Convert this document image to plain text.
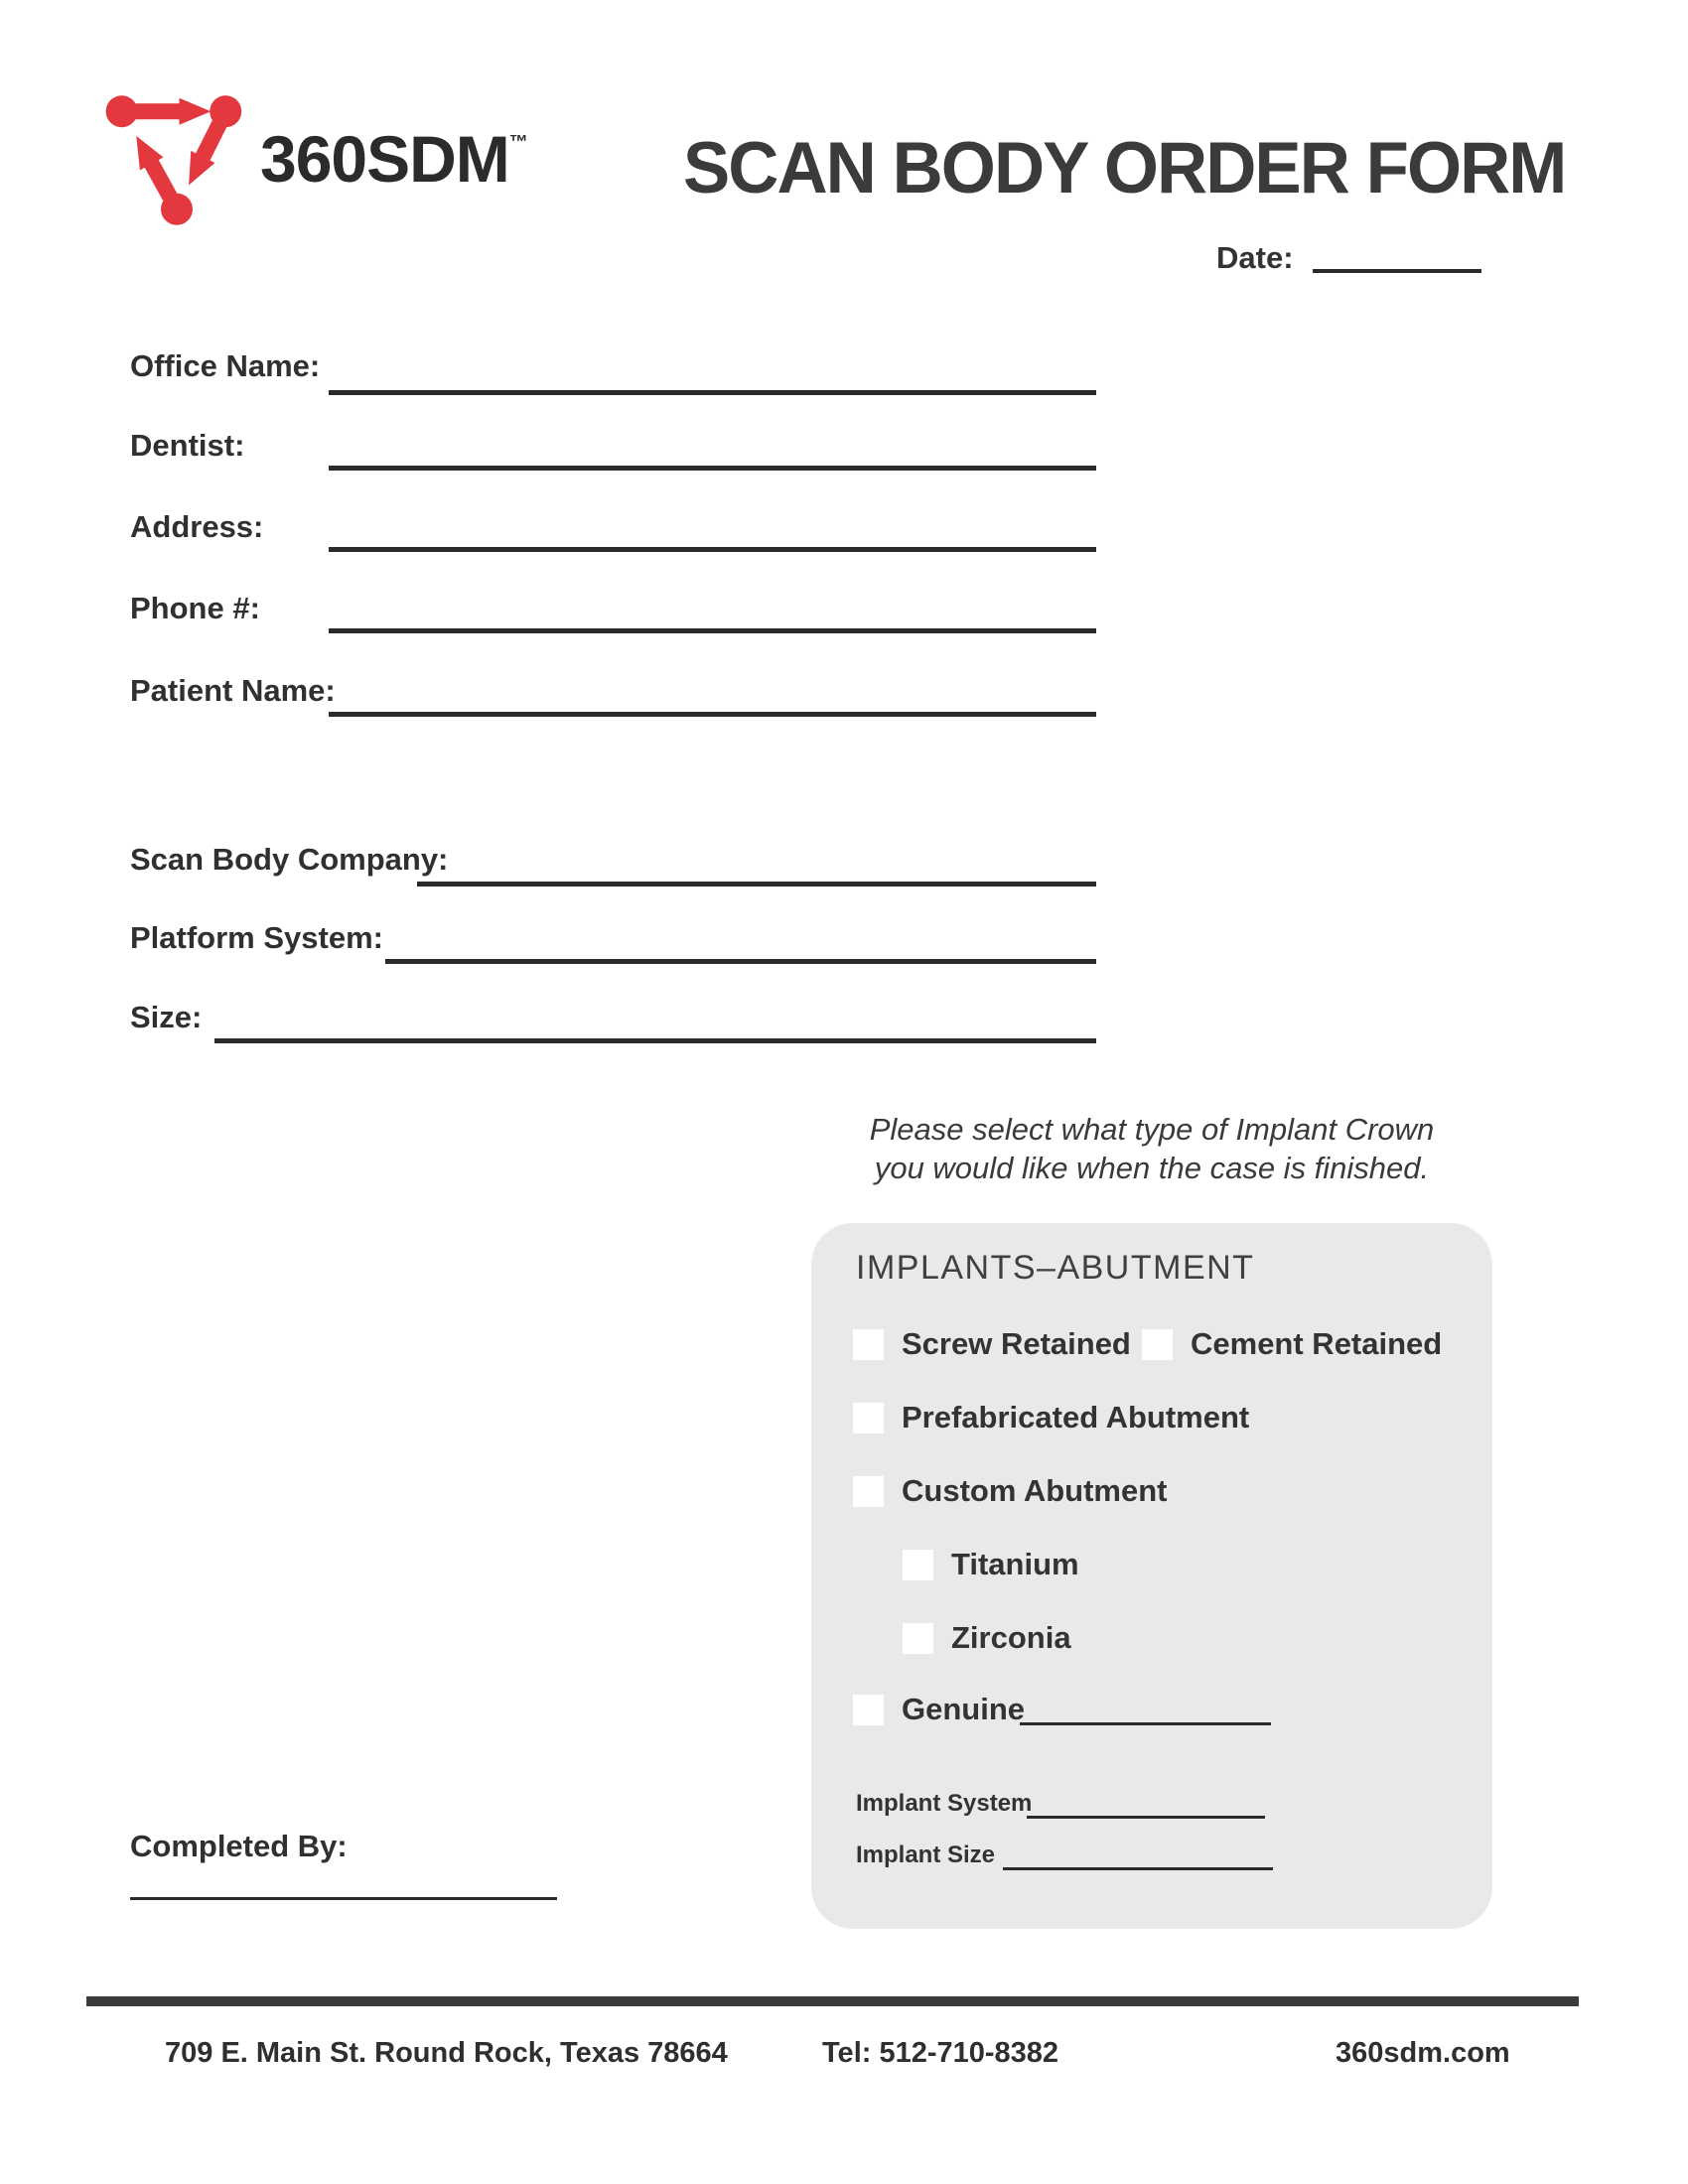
360SDM™ SCAN BODY ORDER FORM
Date:
Office Name:
Dentist:
Address:
Phone #:
Patient Name:
Scan Body Company:
Platform System:
Size:
Please select what type of Implant Crown
you would like when the case is finished.
IMPLANTS–ABUTMENT
Screw Retained Cement Retained
Prefabricated Abutment
Custom Abutment
Titanium
Zirconia
Genuine
Implant System
Implant Size
Completed By:
709 E. Main St. Round Rock, Texas 78664	Tel: 512-710-8382	360sdm.com
